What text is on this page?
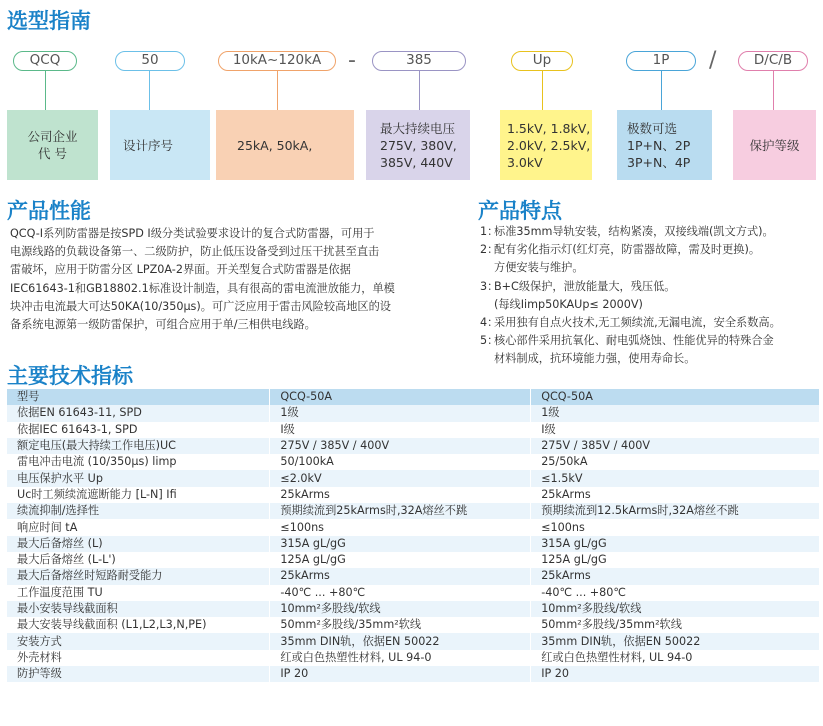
选型指南
QCQ	50	10kA~120kA	-	385	Up	1P	/	D/C/B
公司企业
代 号
设计序号	25kA, 50kA,
最大持续电压
275V, 380V,
385V, 440V
1.5kV, 1.8kV,
2.0kV, 2.5kV,
3.0kV
极数可选
1P+N、2P
3P+N、4P
保护等级
产品性能

QCQ-I系列防雷器是按SPD I级分类试验要求设计的复合式防雷器，可用于

电源线路的负载设备第一、二级防护，防止低压设备受到过压干扰甚至直击

雷破坏，应用于防雷分区 LPZ0A-2界面。开关型复合式防雷器是依据

IEC61643-1和GB18802.1标准设计制造，具有很高的雷电流泄放能力，单模

块冲击电流最大可达50KA(10/350μs)。可广泛应用于雷击风险较高地区的设

备系统电源第一级防雷保护，可组合应用于单/三相供电线路。

产品特点
1：
标准35mm导轨安装，结构紧凑，双接线端(凯文方式)。
2：
配有劣化指示灯(红灯亮，防雷器故障，需及时更换)。
方便安装与维护。
3：
B+C级保护，泄放能量大，残压低。
(每线Iimp50KAUp≤ 2000V)
4：
采用独有自点火技术,无工频续流,无漏电流，安全系数高。
5：
核心部件采用抗氧化、耐电弧烧蚀、性能优异的特殊合金
材料制成，抗环境能力强，使用寿命长。
主要技术指标
型号	QCQ-50A	QCQ-50A
依据EN 61643-11, SPD	1级	1级
依据IEC 61643-1, SPD	I级	I级
额定电压(最大持续工作电压)UC	275V / 385V / 400V	275V / 385V / 400V
雷电冲击电流 (10/350μs) limp	50/100kA	25/50kA
电压保护水平 Up	≤2.0kV	≤1.5kV
Uc时工频续流遮断能力 [L-N] Ifi	25kArms	25kArms
续流抑制/选择性	预期续流到25kArms时,32A熔丝不跳	预期续流到12.5kArms时,32A熔丝不跳
响应时间 tA	≤100ns	≤100ns
最大后备熔丝 (L)	315A gL/gG	315A gL/gG
最大后备熔丝 (L-L')	125A gL/gG	125A gL/gG
最大后备熔丝时短路耐受能力	25kArms	25kArms
工作温度范围 TU	-40℃ ... +80℃	-40℃ ... +80℃
最小安装导线截面积	10mm²多股线/软线	10mm²多股线/软线
最大安装导线截面积 (L1,L2,L3,N,PE)	50mm²多股线/35mm²软线	50mm²多股线/35mm²软线
安装方式	35mm DIN轨，依据EN 50022	35mm DIN轨，依据EN 50022
外壳材料	红或白色热塑性材料, UL 94-0	红或白色热塑性材料, UL 94-0
防护等级	IP 20	IP 20
